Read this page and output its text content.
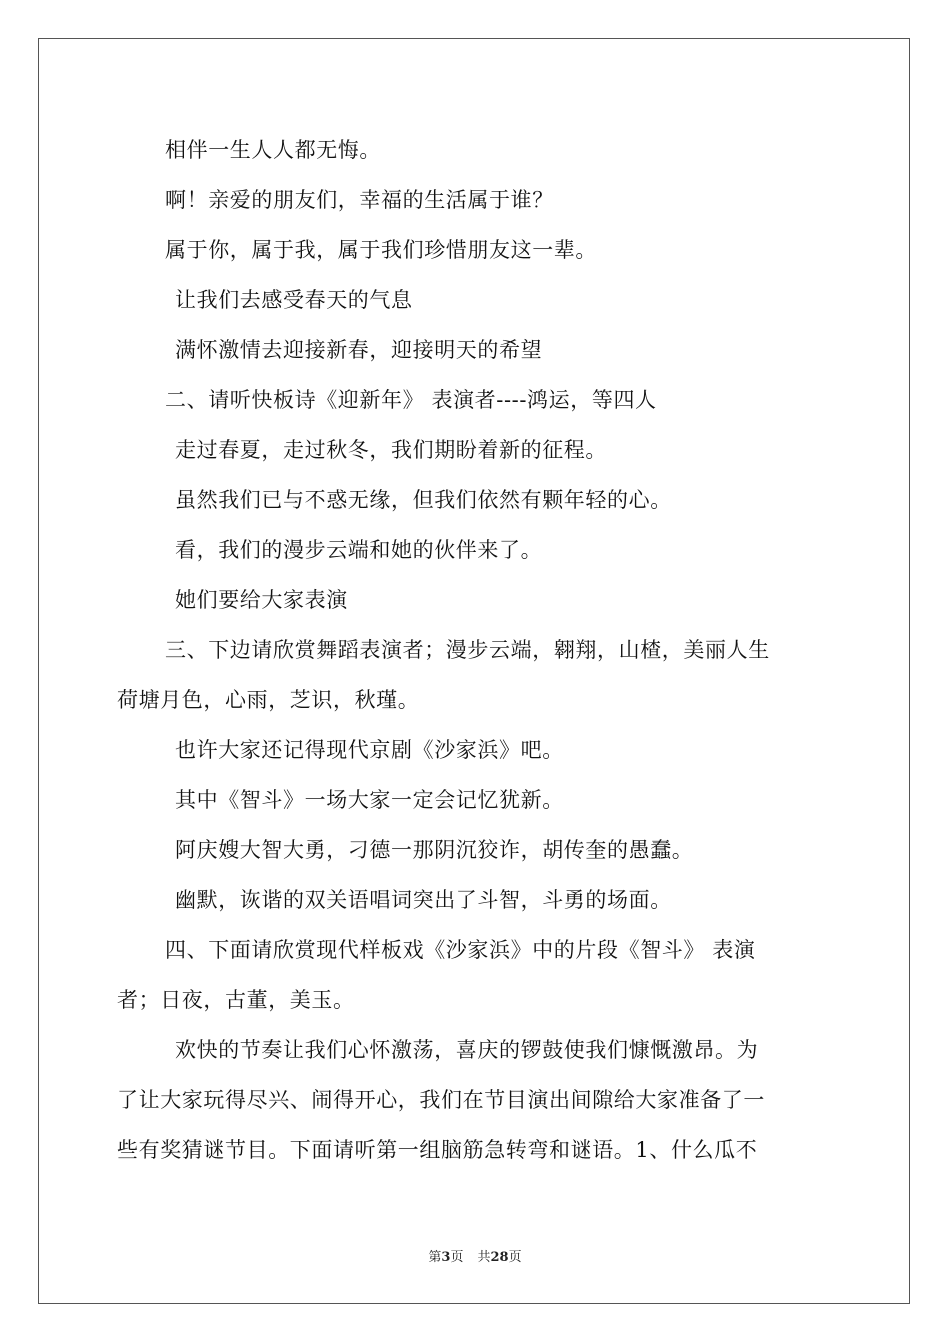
相伴一生人人都无悔。
啊！亲爱的朋友们，幸福的生活属于谁？
属于你，属于我，属于我们珍惜朋友这一辈。
让我们去感受春天的气息
满怀激情去迎接新春，迎接明天的希望
二、请听快板诗《迎新年》 表演者----鸿运，等四人
走过春夏，走过秋冬，我们期盼着新的征程。
虽然我们已与不惑无缘，但我们依然有颗年轻的心。
看，我们的漫步云端和她的伙伴来了。
她们要给大家表演
三、下边请欣赏舞蹈表演者；漫步云端，翱翔，山楂，美丽人生
荷塘月色，心雨，芝识，秋瑾。
也许大家还记得现代京剧《沙家浜》吧。
其中《智斗》一场大家一定会记忆犹新。
阿庆嫂大智大勇，刁德一那阴沉狡诈，胡传奎的愚蠢。
幽默，诙谐的双关语唱词突出了斗智，斗勇的场面。
四、下面请欣赏现代样板戏《沙家浜》中的片段《智斗》 表演
者；日夜，古董，美玉。
欢快的节奏让我们心怀激荡，喜庆的锣鼓使我们慷慨激昂。为
了让大家玩得尽兴、闹得开心，我们在节目演出间隙给大家准备了一
些有奖猜谜节目。下面请听第一组脑筋急转弯和谜语。1、什么瓜不
第3页 共28页
